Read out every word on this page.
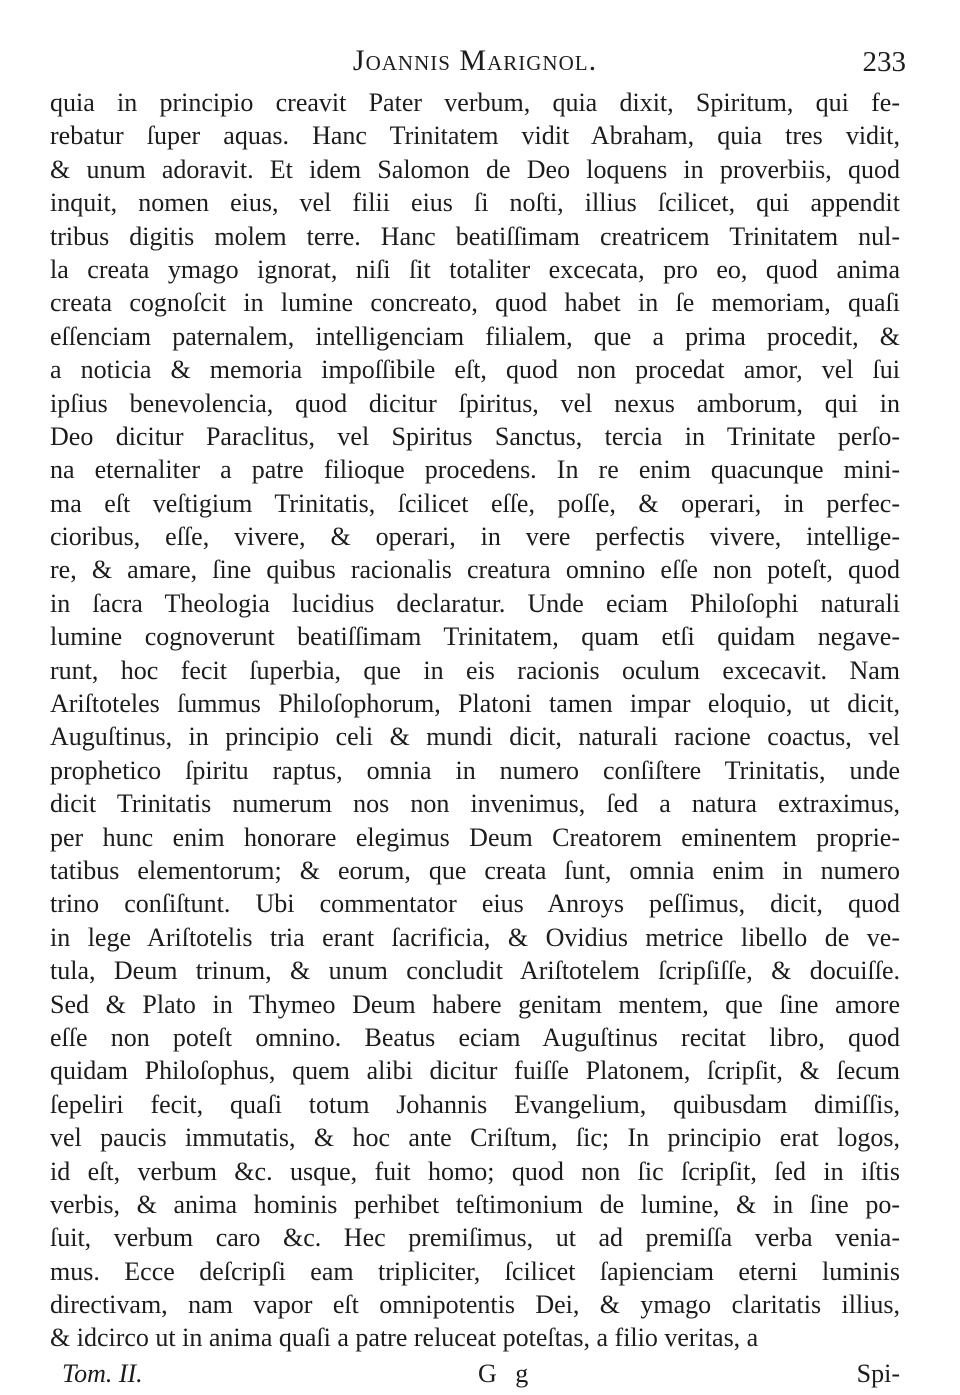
Joannis Marignol.	233
quia in principio creavit Pater verbum, quia dixit, Spiritum, qui fe-
rebatur ſuper aquas. Hanc Trinitatem vidit Abraham, quia tres vidit,
& unum adoravit. Et idem Salomon de Deo loquens in proverbiis, quod
inquit, nomen eius, vel filii eius ſi noſti, illius ſcilicet, qui appendit
tribus digitis molem terre. Hanc beatiſſimam creatricem Trinitatem nul-
la creata ymago ignorat, niſi ſit totaliter excecata, pro eo, quod anima
creata cognoſcit in lumine concreato, quod habet in ſe memoriam, quaſi
eſſenciam paternalem, intelligenciam filialem, que a prima procedit, &
a noticia & memoria impoſſibile eſt, quod non procedat amor, vel ſui
ipſius benevolencia, quod dicitur ſpiritus, vel nexus amborum, qui in
Deo dicitur Paraclitus, vel Spiritus Sanctus, tercia in Trinitate perſo-
na eternaliter a patre filioque procedens. In re enim quacunque mini-
ma eſt veſtigium Trinitatis, ſcilicet eſſe, poſſe, & operari, in perfec-
cioribus, eſſe, vivere, & operari, in vere perfectis vivere, intellige-
re, & amare, ſine quibus racionalis creatura omnino eſſe non poteſt, quod
in ſacra Theologia lucidius declaratur. Unde eciam Philoſophi naturali
lumine cognoverunt beatiſſimam Trinitatem, quam etſi quidam negave-
runt, hoc fecit ſuperbia, que in eis racionis oculum excecavit. Nam
Ariſtoteles ſummus Philoſophorum, Platoni tamen impar eloquio, ut dicit,
Auguſtinus, in principio celi & mundi dicit, naturali racione coactus, vel
prophetico ſpiritu raptus, omnia in numero conſiſtere Trinitatis, unde
dicit Trinitatis numerum nos non invenimus, ſed a natura extraximus,
per hunc enim honorare elegimus Deum Creatorem eminentem proprie-
tatibus elementorum; & eorum, que creata ſunt, omnia enim in numero
trino conſiſtunt. Ubi commentator eius Anroys peſſimus, dicit, quod
in lege Ariſtotelis tria erant ſacrificia, & Ovidius metrice libello de ve-
tula, Deum trinum, & unum concludit Ariſtotelem ſcripſiſſe, & docuiſſe.
Sed & Plato in Thymeo Deum habere genitam mentem, que ſine amore
eſſe non poteſt omnino. Beatus eciam Auguſtinus recitat libro, quod
quidam Philoſophus, quem alibi dicitur fuiſſe Platonem, ſcripſit, & ſecum
ſepeliri fecit, quaſi totum Johannis Evangelium, quibusdam dimiſſis,
vel paucis immutatis, & hoc ante Criſtum, ſic; In principio erat logos,
id eſt, verbum &c. usque, fuit homo; quod non ſic ſcripſit, ſed in iſtis
verbis, & anima hominis perhibet teſtimonium de lumine, & in ſine po-
ſuit, verbum caro &c. Hec premiſimus, ut ad premiſſa verba venia-
mus. Ecce deſcripſi eam tripliciter, ſcilicet ſapienciam eterni luminis
directivam, nam vapor eſt omnipotentis Dei, & ymago claritatis illius,
& idcirco ut in anima quaſi a patre reluceat poteſtas, a filio veritas, a
Tom. II.	G g	Spi-
